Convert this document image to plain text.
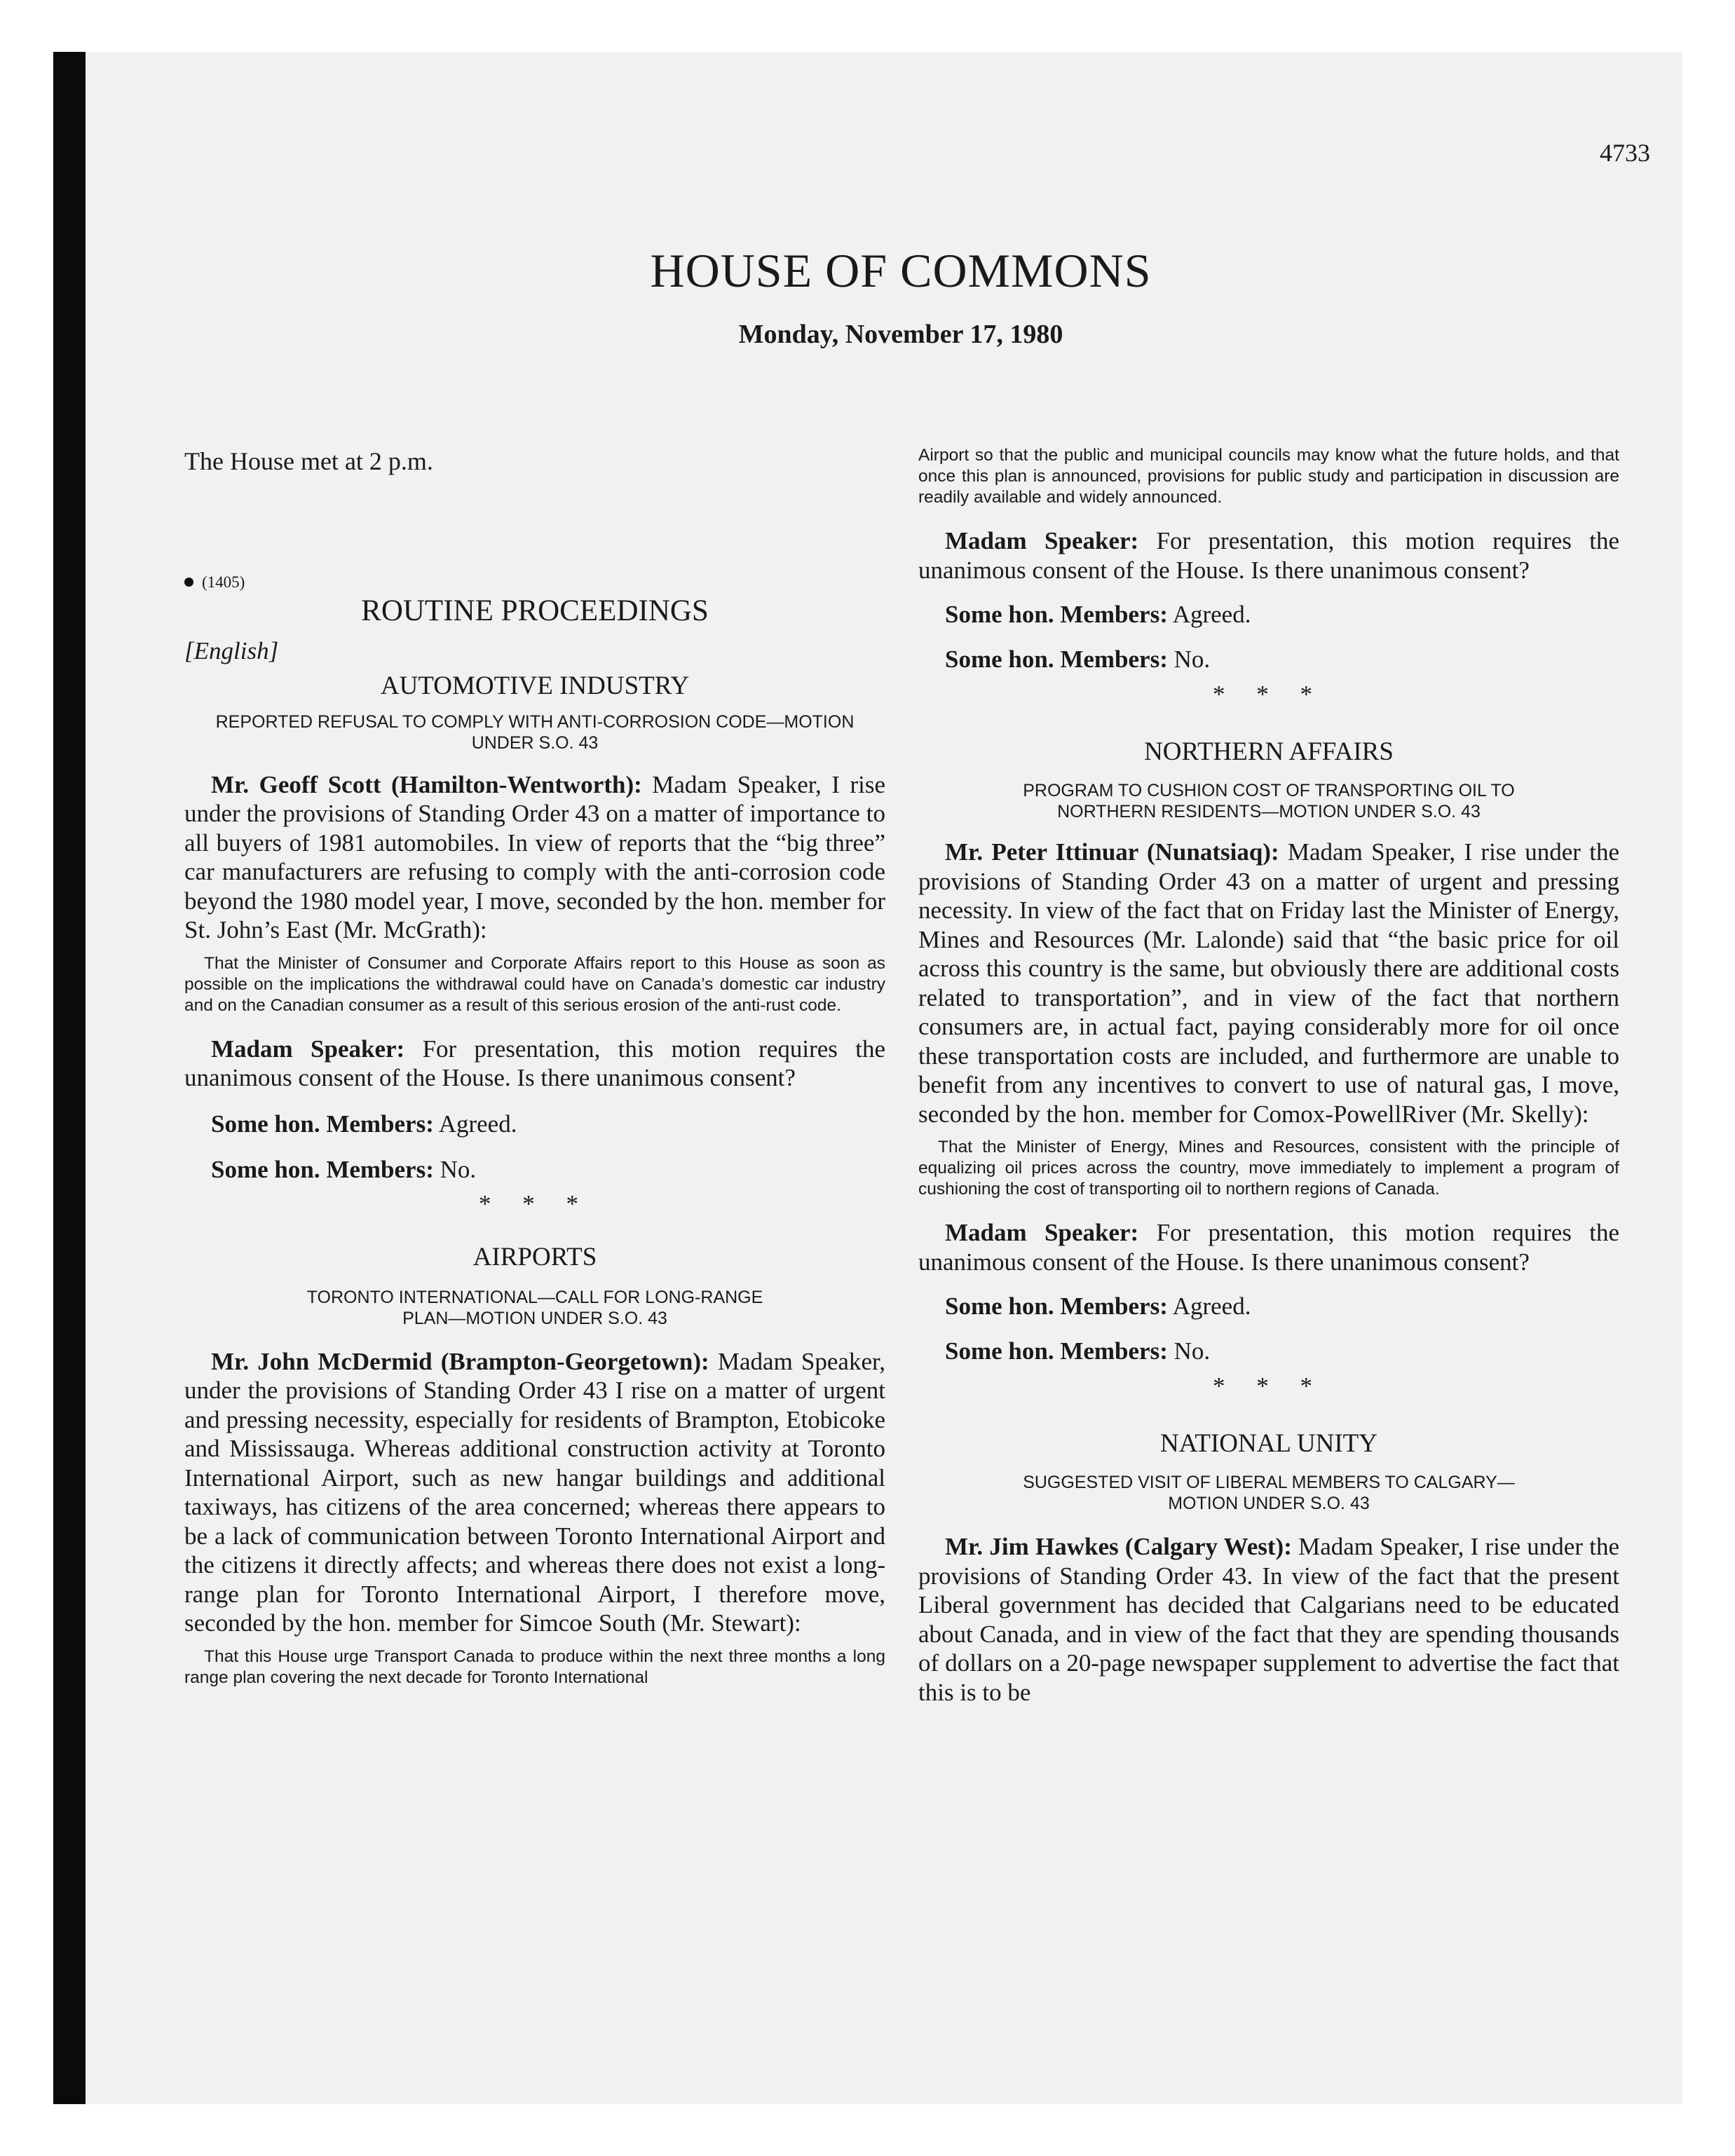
4733
HOUSE OF COMMONS
Monday, November 17, 1980

The House met at 2 p.m.

(1405)

ROUTINE PROCEEDINGS

[English]

AUTOMOTIVE INDUSTRY
REPORTED REFUSAL TO COMPLY WITH ANTI-CORROSION CODE—MOTION UNDER S.O. 43

Mr. Geoff Scott (Hamilton-Wentworth): Madam Speaker, I rise under the provisions of Standing Order 43 on a matter of importance to all buyers of 1981 automobiles. In view of reports that the “big three” car manufacturers are refusing to comply with the anti-corrosion code beyond the 1980 model year, I move, seconded by the hon. member for St. John’s East (Mr. McGrath):

That the Minister of Consumer and Corporate Affairs report to this House as soon as possible on the implications the withdrawal could have on Canada’s domestic car industry and on the Canadian consumer as a result of this serious erosion of the anti-rust code.

Madam Speaker: For presentation, this motion requires the unanimous consent of the House. Is there unanimous consent?

Some hon. Members: Agreed.

Some hon. Members: No.

* * *

AIRPORTS
TORONTO INTERNATIONAL—CALL FOR LONG-RANGE PLAN—MOTION UNDER S.O. 43

Mr. John McDermid (Brampton-Georgetown): Madam Speaker, under the provisions of Standing Order 43 I rise on a matter of urgent and pressing necessity, especially for residents of Brampton, Etobicoke and Mississauga. Whereas additional construction activity at Toronto International Airport, such as new hangar buildings and additional taxiways, has citizens of the area concerned; whereas there appears to be a lack of communication between Toronto International Airport and the citizens it directly affects; and whereas there does not exist a long-range plan for Toronto International Airport, I therefore move, seconded by the hon. member for Simcoe South (Mr. Stewart):

That this House urge Transport Canada to produce within the next three months a long range plan covering the next decade for Toronto International

Airport so that the public and municipal councils may know what the future holds, and that once this plan is announced, provisions for public study and participation in discussion are readily available and widely announced.

Madam Speaker: For presentation, this motion requires the unanimous consent of the House. Is there unanimous consent?

Some hon. Members: Agreed.

Some hon. Members: No.

* * *

NORTHERN AFFAIRS
PROGRAM TO CUSHION COST OF TRANSPORTING OIL TO NORTHERN RESIDENTS—MOTION UNDER S.O. 43

Mr. Peter Ittinuar (Nunatsiaq): Madam Speaker, I rise under the provisions of Standing Order 43 on a matter of urgent and pressing necessity. In view of the fact that on Friday last the Minister of Energy, Mines and Resources (Mr. Lalonde) said that “the basic price for oil across this country is the same, but obviously there are additional costs related to transportation”, and in view of the fact that northern consumers are, in actual fact, paying considerably more for oil once these transportation costs are included, and furthermore are unable to benefit from any incentives to convert to use of natural gas, I move, seconded by the hon. member for Comox-PowellRiver (Mr. Skelly):

That the Minister of Energy, Mines and Resources, consistent with the principle of equalizing oil prices across the country, move immediately to implement a program of cushioning the cost of transporting oil to northern regions of Canada.

Madam Speaker: For presentation, this motion requires the unanimous consent of the House. Is there unanimous consent?

Some hon. Members: Agreed.

Some hon. Members: No.

* * *

NATIONAL UNITY
SUGGESTED VISIT OF LIBERAL MEMBERS TO CALGARY—MOTION UNDER S.O. 43

Mr. Jim Hawkes (Calgary West): Madam Speaker, I rise under the provisions of Standing Order 43. In view of the fact that the present Liberal government has decided that Calgarians need to be educated about Canada, and in view of the fact that they are spending thousands of dollars on a 20-page newspaper supplement to advertise the fact that this is to be
